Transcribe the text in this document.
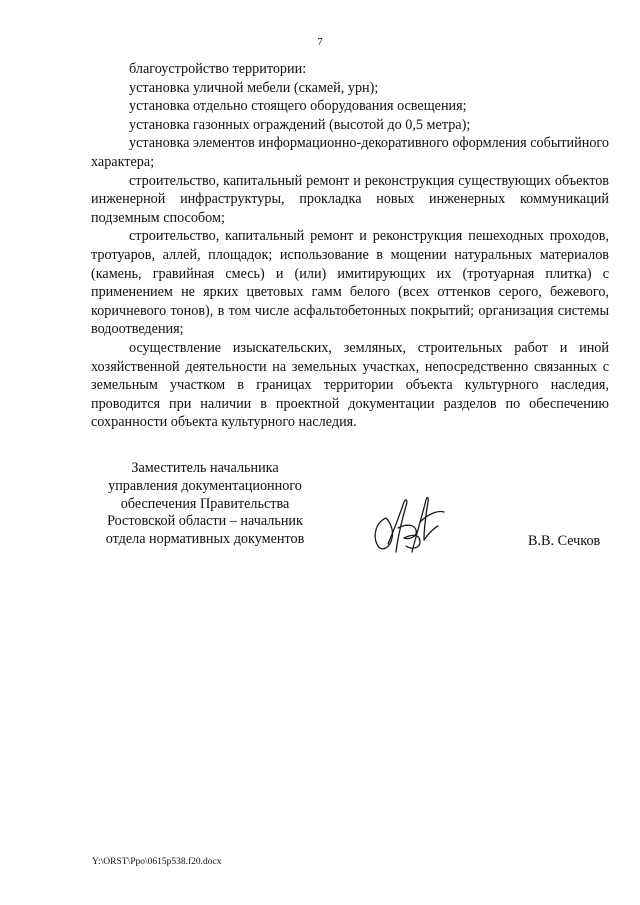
7

благоустройство территории:

установка уличной мебели (скамей, урн);

установка отдельно стоящего оборудования освещения;

установка газонных ограждений (высотой до 0,5 метра);

установка элементов информационно-декоративного оформления событийного характера;

строительство, капитальный ремонт и реконструкция существующих объектов инженерной инфраструктуры, прокладка новых инженерных коммуникаций подземным способом;

строительство, капитальный ремонт и реконструкция пешеходных проходов, тротуаров, аллей, площадок; использование в мощении натуральных материалов (камень, гравийная смесь) и (или) имитирующих их (тротуарная плитка) с применением не ярких цветовых гамм белого (всех оттенков серого, бежевого, коричневого тонов), в том числе асфальтобетонных покрытий; организация системы водоотведения;

осуществление изыскательских, земляных, строительных работ и иной хозяйственной деятельности на земельных участках, непосредственно связанных с земельным участком в границах территории объекта культурного наследия, проводится при наличии в проектной документации разделов по обеспечению сохранности объекта культурного наследия.

Заместитель начальника
управления документационного
обеспечения Правительства
Ростовской области – начальник
отдела нормативных документов	В.В. Сечков
Y:\ORST\Ppo\0615p538.f20.docx
